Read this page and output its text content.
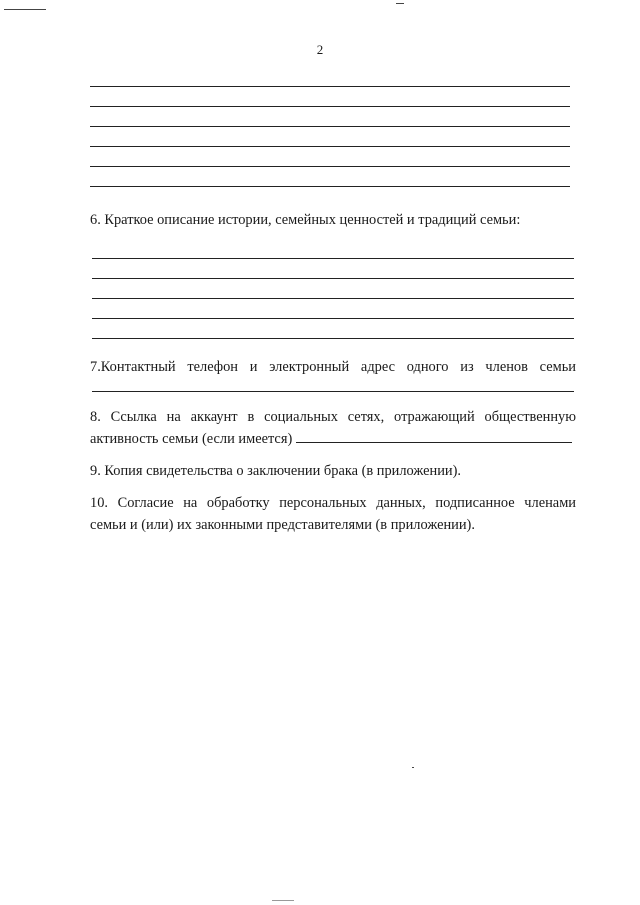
2
6. Краткое описание истории, семейных ценностей и традиций семьи:
7.Контактный телефон и электронный адрес одного из членов семьи
8. Ссылка на аккаунт в социальных сетях, отражающий общественную
активность семьи (если имеется)
9. Копия свидетельства о заключении брака (в приложении).
10. Согласие на обработку персональных данных, подписанное членами
семьи и (или) их законными представителями (в приложении).
